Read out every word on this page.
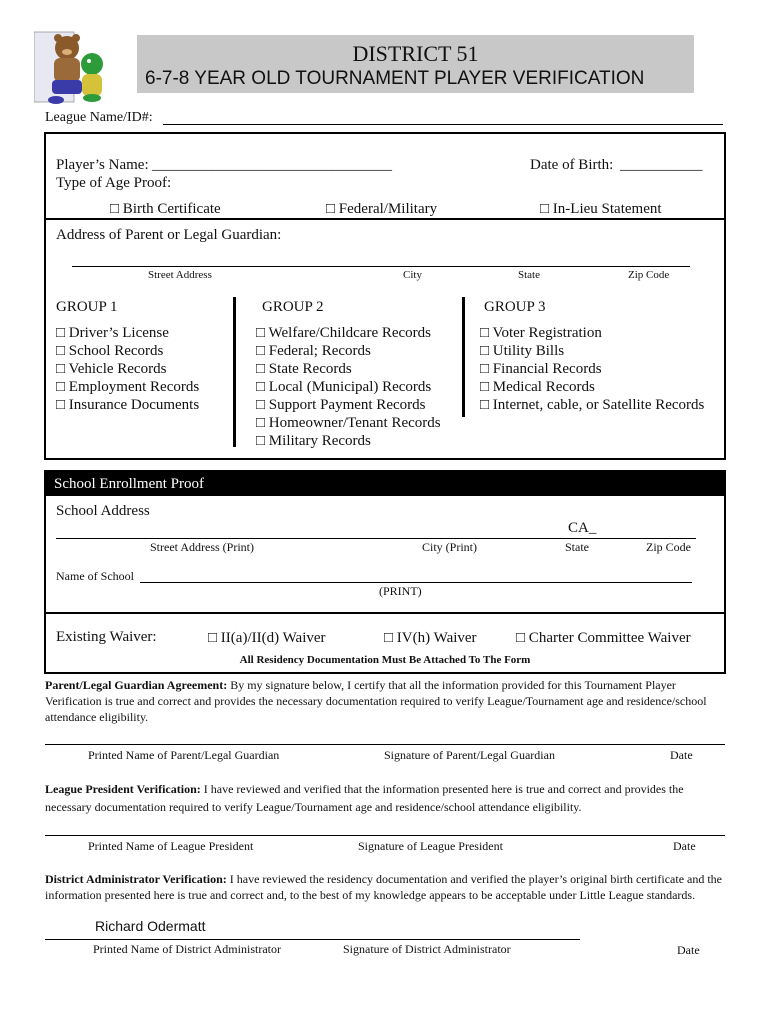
DISTRICT 51
6-7-8 YEAR OLD TOURNAMENT PLAYER VERIFICATION
League Name/ID#:
Player’s Name: ________________________________	Date of Birth: ___________
Type of Age Proof:
□ Birth Certificate	□ Federal/Military	□ In-Lieu Statement
Address of Parent or Legal Guardian:
Street Address	City	State	Zip Code
GROUP 1
□ Driver’s License
□ School Records
□ Vehicle Records
□ Employment Records
□ Insurance Documents
GROUP 2
□ Welfare/Childcare Records
□ Federal; Records
□ State Records
□ Local (Municipal) Records
□ Support Payment Records
□ Homeowner/Tenant Records
□ Military Records
GROUP 3
□ Voter Registration
□ Utility Bills
□ Financial Records
□ Medical Records
□ Internet, cable, or Satellite Records
School Enrollment Proof
School Address
CA_
Street Address (Print)	City (Print)	State	Zip Code
Name of School
(PRINT)
Existing Waiver:	□ II(a)/II(d) Waiver	□ IV(h) Waiver	□ Charter Committee Waiver
All Residency Documentation Must Be Attached To The Form
Parent/Legal Guardian Agreement: By my signature below, I certify that all the information provided for this Tournament Player Verification is true and correct and provides the necessary documentation required to verify League/Tournament age and residence/school attendance eligibility.
Printed Name of Parent/Legal Guardian	Signature of Parent/Legal Guardian	Date
League President Verification: I have reviewed and verified that the information presented here is true and correct and provides the necessary documentation required to verify League/Tournament age and residence/school attendance eligibility.
Printed Name of League President	Signature of League President	Date
District Administrator Verification: I have reviewed the residency documentation and verified the player’s original birth certificate and the information presented here is true and correct and, to the best of my knowledge appears to be acceptable under Little League standards.
Richard Odermatt
Printed Name of District Administrator	Signature of District Administrator	Date
